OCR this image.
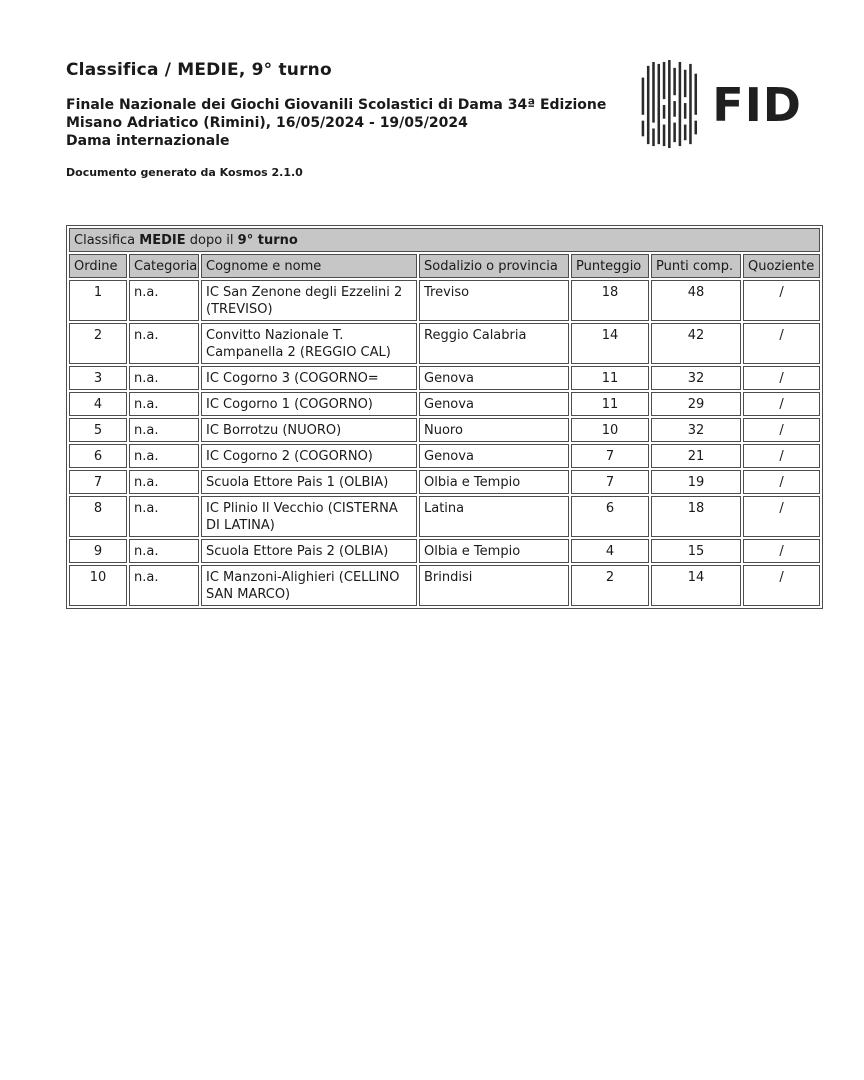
Classifica / MEDIE, 9° turno

Finale Nazionale dei Giochi Giovanili Scolastici di Dama 34ª Edizione

Misano Adriatico (Rimini), 16/05/2024 - 19/05/2024

Dama internazionale

Documento generato da Kosmos 2.1.0
FID
Classifica MEDIE dopo il 9° turno						
Ordine	Categoria	Cognome e nome	Sodalizio o provincia	Punteggio	Punti comp.	Quoziente
1	n.a.	IC San Zenone degli Ezzelini 2 (TREVISO)	Treviso	18	48	/
2	n.a.	Convitto Nazionale T. Campanella 2 (REGGIO CAL)	Reggio Calabria	14	42	/
3	n.a.	IC Cogorno 3 (COGORNO=	Genova	11	32	/
4	n.a.	IC Cogorno 1 (COGORNO)	Genova	11	29	/
5	n.a.	IC Borrotzu (NUORO)	Nuoro	10	32	/
6	n.a.	IC Cogorno 2 (COGORNO)	Genova	7	21	/
7	n.a.	Scuola Ettore Pais 1 (OLBIA)	Olbia e Tempio	7	19	/
8	n.a.	IC Plinio Il Vecchio (CISTERNA DI LATINA)	Latina	6	18	/
9	n.a.	Scuola Ettore Pais 2 (OLBIA)	Olbia e Tempio	4	15	/
10	n.a.	IC Manzoni-Alighieri (CELLINO SAN MARCO)	Brindisi	2	14	/
